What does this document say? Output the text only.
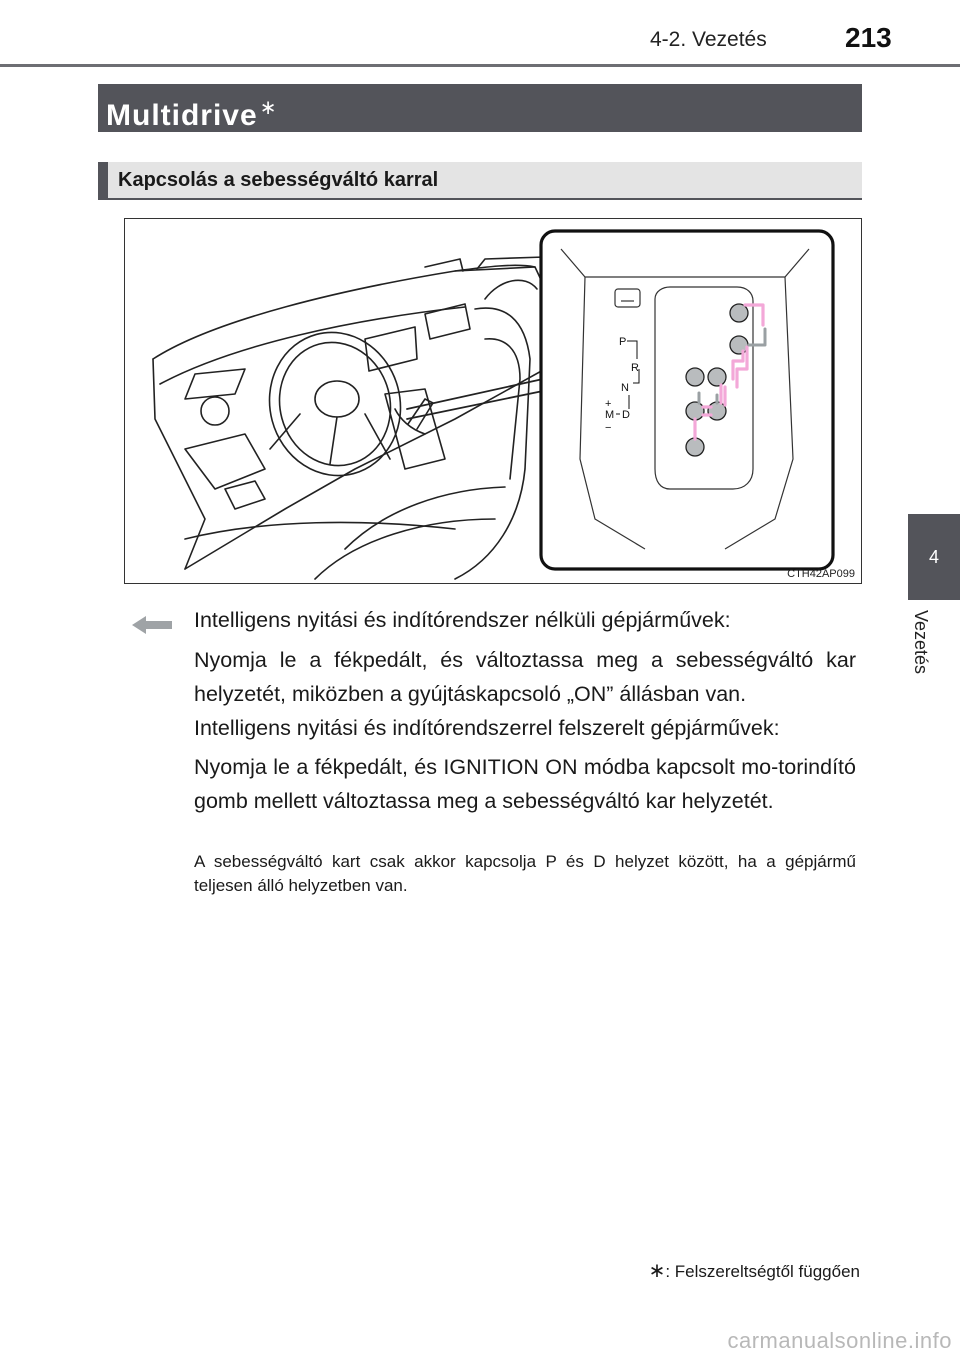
4-2. Vezetés	213
4
Vezetés
Multidrive ∗
Kapcsolás a sebességváltó karral
P
R
N
+
M D
−
CTH42AP099
Intelligens nyitási és indítórendszer nélküli gépjárművek:
Nyomja le a fékpedált, és változtassa meg a sebességváltó kar helyzetét, miközben a gyújtáskapcsoló „ON” állásban van.
Intelligens nyitási és indítórendszerrel felszerelt gépjárművek:
Nyomja le a fékpedált, és IGNITION ON módba kapcsolt mo-torindító gomb mellett változtassa meg a sebességváltó kar helyzetét.
A sebességváltó kart csak akkor kapcsolja P és D helyzet között, ha a gépjármű teljesen álló helyzetben van.
∗: Felszereltségtől függően
carmanualsonline.info
